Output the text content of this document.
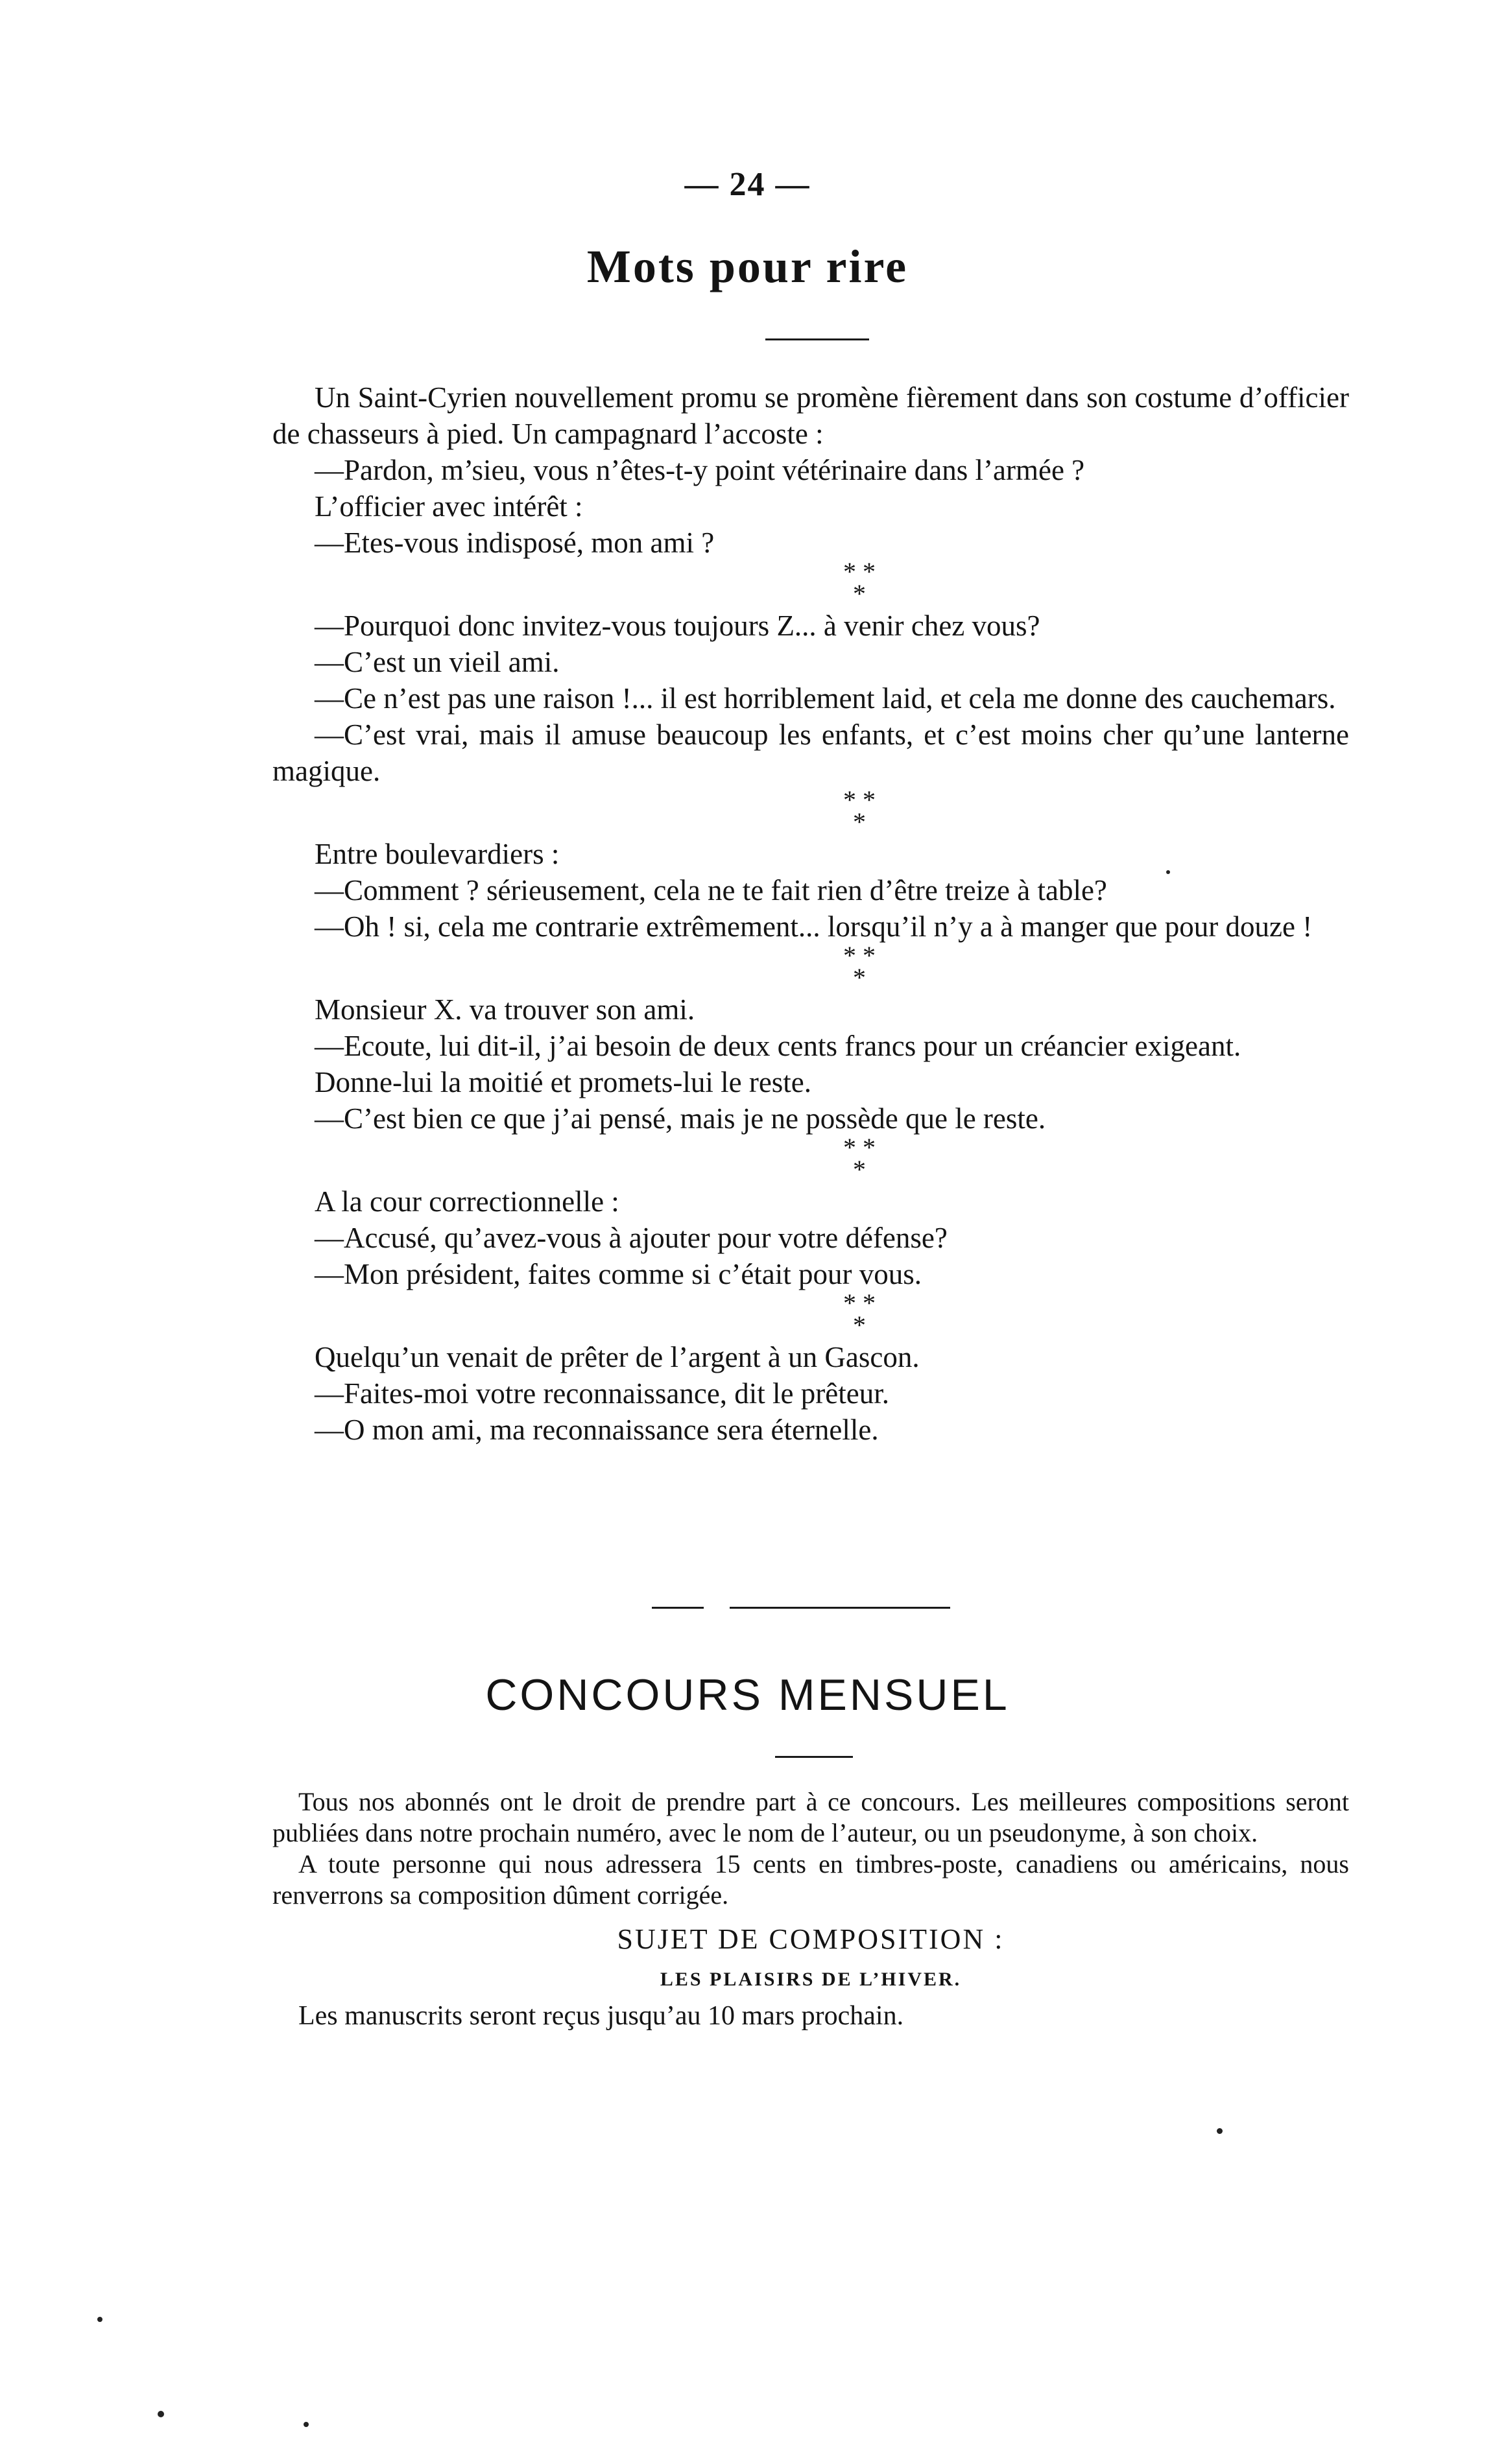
— 24 —
Mots pour rire

Un Saint-Cyrien nouvellement promu se promène fièrement dans son costume d’officier de chasseurs à pied. Un campagnard l’accoste :

—Pardon, m’sieu, vous n’êtes-t-y point vétérinaire dans l’armée ?

L’officier avec intérêt :

—Etes-vous indisposé, mon ami ?

* *
*

—Pourquoi donc invitez-vous toujours Z... à venir chez vous?

—C’est un vieil ami.

—Ce n’est pas une raison !... il est horriblement laid, et cela me donne des cauchemars.

—C’est vrai, mais il amuse beaucoup les enfants, et c’est moins cher qu’une lanterne magique.

* *
*

Entre boulevardiers :

—Comment ? sérieusement, cela ne te fait rien d’être treize à table?

—Oh ! si, cela me contrarie extrêmement... lorsqu’il n’y a à manger que pour douze !

* *
*

Monsieur X. va trouver son ami.

—Ecoute, lui dit-il, j’ai besoin de deux cents francs pour un créancier exigeant.

Donne-lui la moitié et promets-lui le reste.

—C’est bien ce que j’ai pensé, mais je ne possède que le reste.

* *
*

A la cour correctionnelle :

—Accusé, qu’avez-vous à ajouter pour votre défense?

—Mon président, faites comme si c’était pour vous.

* *
*

Quelqu’un venait de prêter de l’argent à un Gascon.

—Faites-moi votre reconnaissance, dit le prêteur.

—O mon ami, ma reconnaissance sera éternelle.

CONCOURS MENSUEL

Tous nos abonnés ont le droit de prendre part à ce concours. Les meilleures compositions seront publiées dans notre prochain numéro, avec le nom de l’auteur, ou un pseudonyme, à son choix.

A toute personne qui nous adressera 15 cents en timbres-poste, canadiens ou américains, nous renverrons sa composition dûment corrigée.

SUJET DE COMPOSITION :
LES PLAISIRS DE L’HIVER.

Les manuscrits seront reçus jusqu’au 10 mars prochain.
